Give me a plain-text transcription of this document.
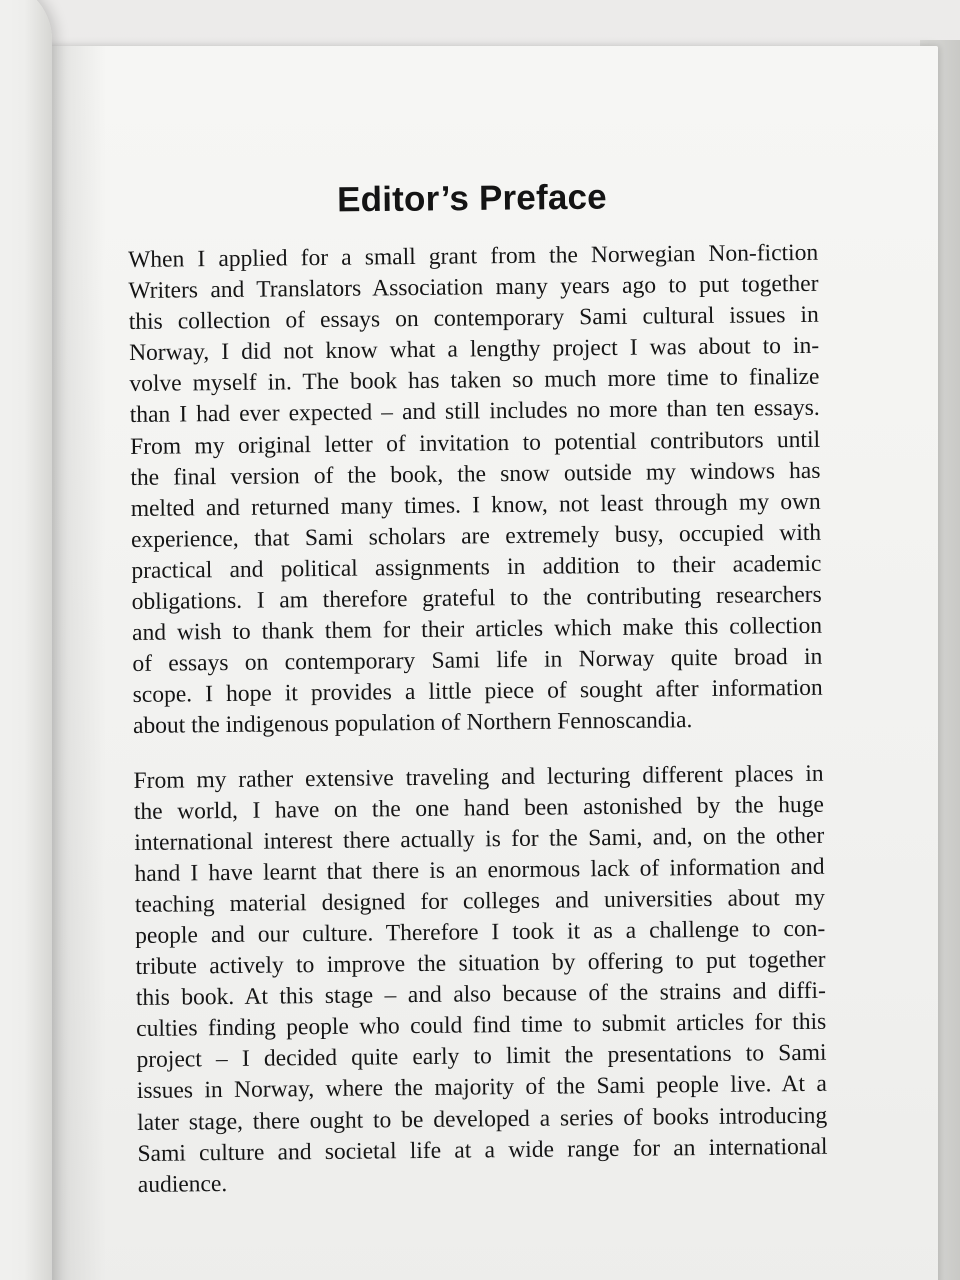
Editor’s Preface

When I applied for a small grant from the Norwegian Non-fiction
Writers and Translators Association many years ago to put together
this collection of essays on contemporary Sami cultural issues in
Norway, I did not know what a lengthy project I was about to in-
volve myself in. The book has taken so much more time to finalize
than I had ever expected – and still includes no more than ten essays.
From my original letter of invitation to potential contributors until
the final version of the book, the snow outside my windows has
melted and returned many times. I know, not least through my own
experience, that Sami scholars are extremely busy, occupied with
practical and political assignments in addition to their academic
obligations. I am therefore grateful to the contributing researchers
and wish to thank them for their articles which make this collection
of essays on contemporary Sami life in Norway quite broad in
scope. I hope it provides a little piece of sought after information
about the indigenous population of Northern Fennoscandia.

From my rather extensive traveling and lecturing different places in
the world, I have on the one hand been astonished by the huge
international interest there actually is for the Sami, and, on the other
hand I have learnt that there is an enormous lack of information and
teaching material designed for colleges and universities about my
people and our culture. Therefore I took it as a challenge to con-
tribute actively to improve the situation by offering to put together
this book. At this stage – and also because of the strains and diffi-
culties finding people who could find time to submit articles for this
project – I decided quite early to limit the presentations to Sami
issues in Norway, where the majority of the Sami people live. At a
later stage, there ought to be developed a series of books introducing
Sami culture and societal life at a wide range for an international
audience.
